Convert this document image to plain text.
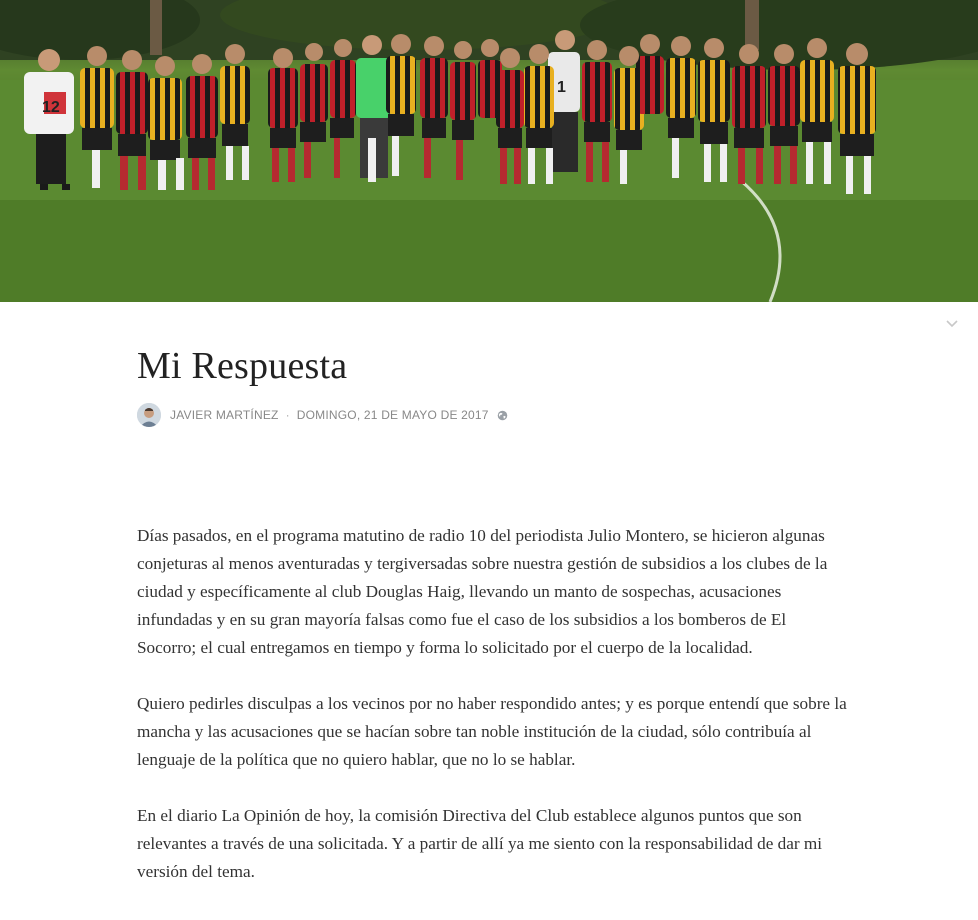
12
1
Mi Respuesta
JAVIER MARTÍNEZ · DOMINGO, 21 DE MAYO DE 2017

Días pasados, en el programa matutino de radio 10 del periodista Julio Montero, se hicieron algunas conjeturas al menos aventuradas y tergiversadas sobre nuestra gestión de subsidios a los clubes de la ciudad y específicamente al club Douglas Haig, llevando un manto de sospechas, acusaciones infundadas y en su gran mayoría falsas como fue el caso de los subsidios a los bomberos de El Socorro; el cual entregamos en tiempo y forma lo solicitado por el cuerpo de la localidad.

Quiero pedirles disculpas a los vecinos por no haber respondido antes; y es porque entendí que sobre la mancha y las acusaciones que se hacían sobre tan noble institución de la ciudad, sólo contribuía al lenguaje de la política que no quiero hablar, que no lo se hablar.

En el diario La Opinión de hoy, la comisión Directiva del Club establece algunos puntos que son relevantes a través de una solicitada. Y a partir de allí ya me siento con la responsabilidad de dar mi versión del tema.
